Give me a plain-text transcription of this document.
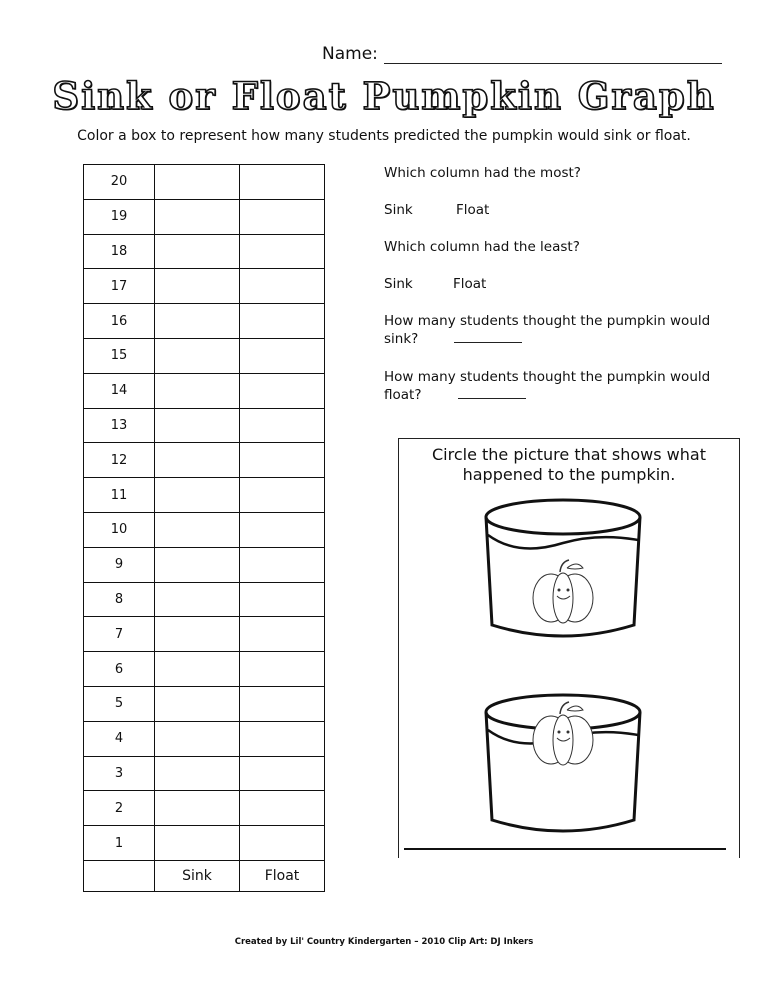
Name:
Sink or Float Pumpkin Graph
Color a box to represent how many students predicted the pumpkin would sink or float.
20		
19		
18		
17		
16		
15		
14		
13		
12		
11		
10		
9		
8		
7		
6		
5		
4		
3		
2		
1		
	Sink	Float
Which column had the most?
Sink	Float
Which column had the least?
Sink	Float
How many students thought the pumpkin would
sink?
How many students thought the pumpkin would
float?
Circle the picture that shows what
happened to the pumpkin.
Created by Lil' Country Kindergarten – 2010 Clip Art: DJ Inkers
